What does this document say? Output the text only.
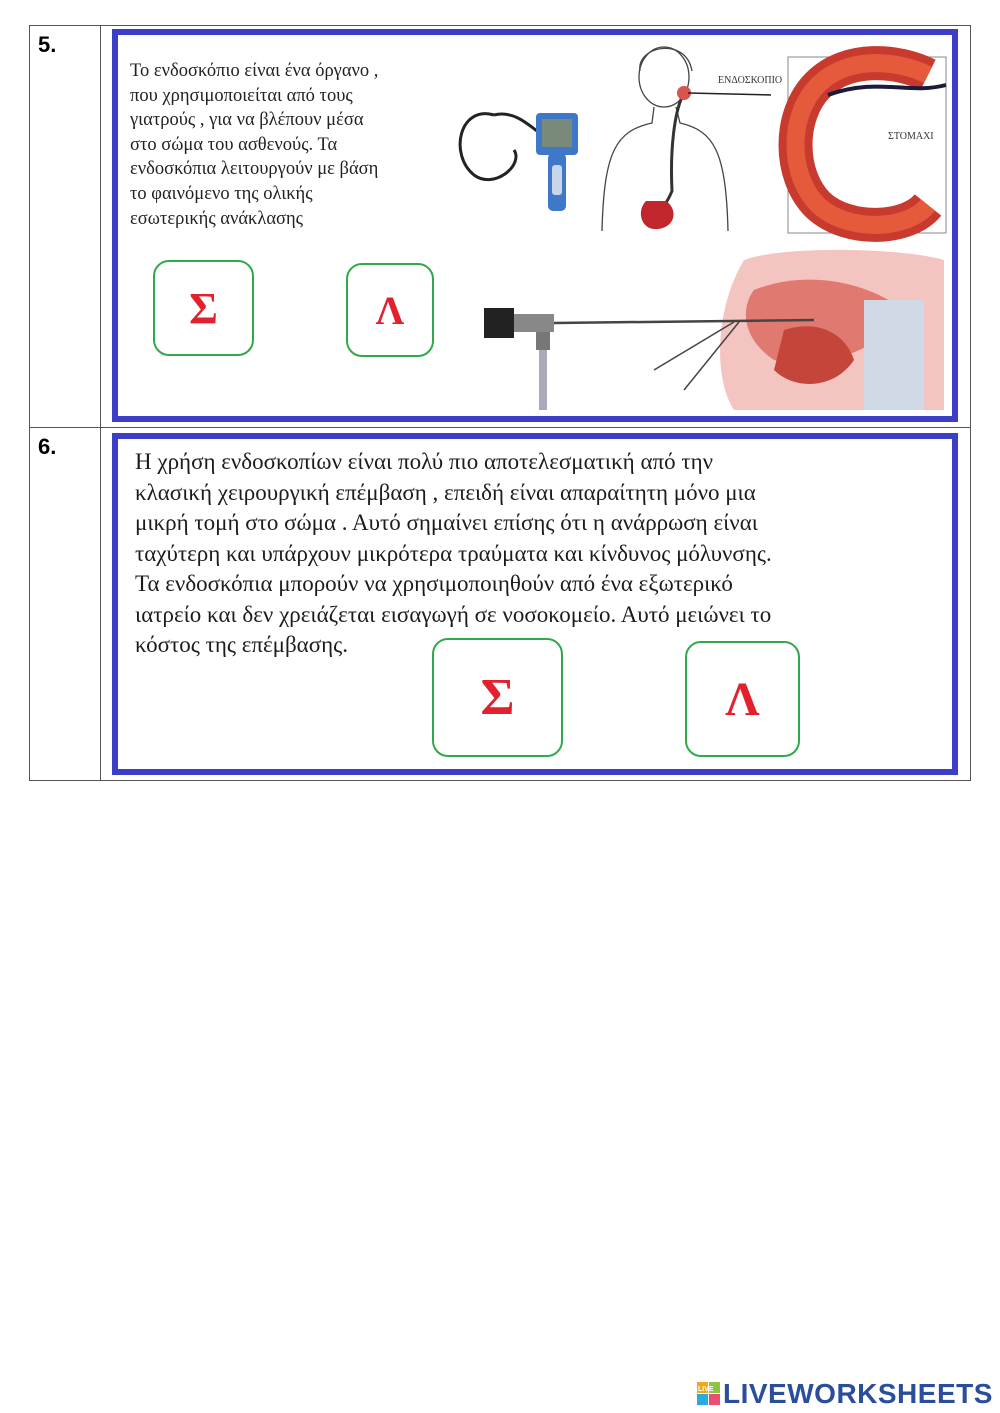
5.
Το ενδοσκόπιο είναι ένα όργανο ,
που χρησιμοποιείται από τους
γιατρούς , για να βλέπουν μέσα
στο σώμα του ασθενούς. Τα
ενδοσκόπια λειτουργούν με βάση
το φαινόμενο της ολικής
εσωτερικής ανάκλασης
ΕΝΔΟΣΚΟΠΙΟ
ΣΤΟΜΑΧΙ
Σ	Λ
6.
Η χρήση ενδοσκοπίων είναι πολύ πιο αποτελεσματική από την
κλασική χειρουργική επέμβαση , επειδή είναι απαραίτητη μόνο μια
μικρή τομή στο σώμα . Αυτό σημαίνει επίσης ότι η ανάρρωση είναι
ταχύτερη και υπάρχουν μικρότερα τραύματα και κίνδυνος μόλυνσης.
Τα ενδοσκόπια μπορούν να χρησιμοποιηθούν από ένα εξωτερικό
ιατρείο και δεν χρειάζεται εισαγωγή σε νοσοκομείο. Αυτό μειώνει το
κόστος της επέμβασης.
Σ	Λ
LIVE LIVEWORKSHEETS
